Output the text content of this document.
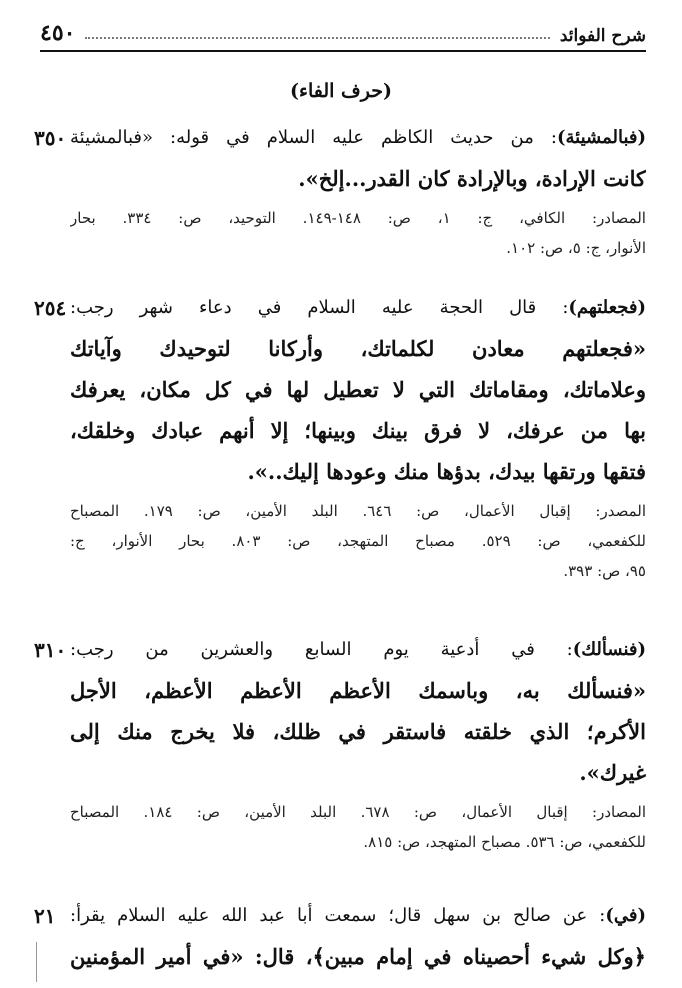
٤٥٠	شرح الفوائد
(حرف الفاء)
٣٥٠	(فبالمشيئة): من حديث الكاظم عليه السلام في قوله: «فبالمشيئة
كانت الإرادة، وبالإرادة كان القدر...إلخ».
المصادر: الكافي، ج: ١، ص: ١٤٨-١٤٩. التوحيد، ص: ٣٣٤. بحار
الأنوار، ج: ٥، ص: ١٠٢.
٢٥٤	(فجعلتهم): قال الحجة عليه السلام في دعاء شهر رجب:
«فجعلتهم معادن لكلماتك، وأركانا لتوحيدك وآياتك
وعلاماتك، ومقاماتك التي لا تعطيل لها في كل مكان، يعرفك
بها من عرفك، لا فرق بينك وبينها؛ إلا أنهم عبادك وخلقك،
فتقها ورتقها بيدك، بدؤها منك وعودها إليك..».
المصدر: إقبال الأعمال، ص: ٦٤٦. البلد الأمين، ص: ١٧٩. المصباح
للكفعمي، ص: ٥٢٩. مصباح المتهجد، ص: ٨٠٣. بحار الأنوار، ج:
٩٥، ص: ٣٩٣.
٣١٠	(فنسألك): في أدعية يوم السابع والعشرين من رجب:
«فنسألك به، وباسمك الأعظم الأعظم الأعظم، الأجل
الأكرم؛ الذي خلقته فاستقر في ظلك، فلا يخرج منك إلى
غيرك».
المصادر: إقبال الأعمال، ص: ٦٧٨. البلد الأمين، ص: ١٨٤. المصباح
للكفعمي، ص: ٥٣٦. مصباح المتهجد، ص: ٨١٥.
٢١	(في): عن صالح بن سهل قال؛ سمعت أبا عبد الله عليه السلام يقرأ:
﴿وكل شيء أحصيناه في إمام مبين﴾، قال: «في أمير المؤمنين
